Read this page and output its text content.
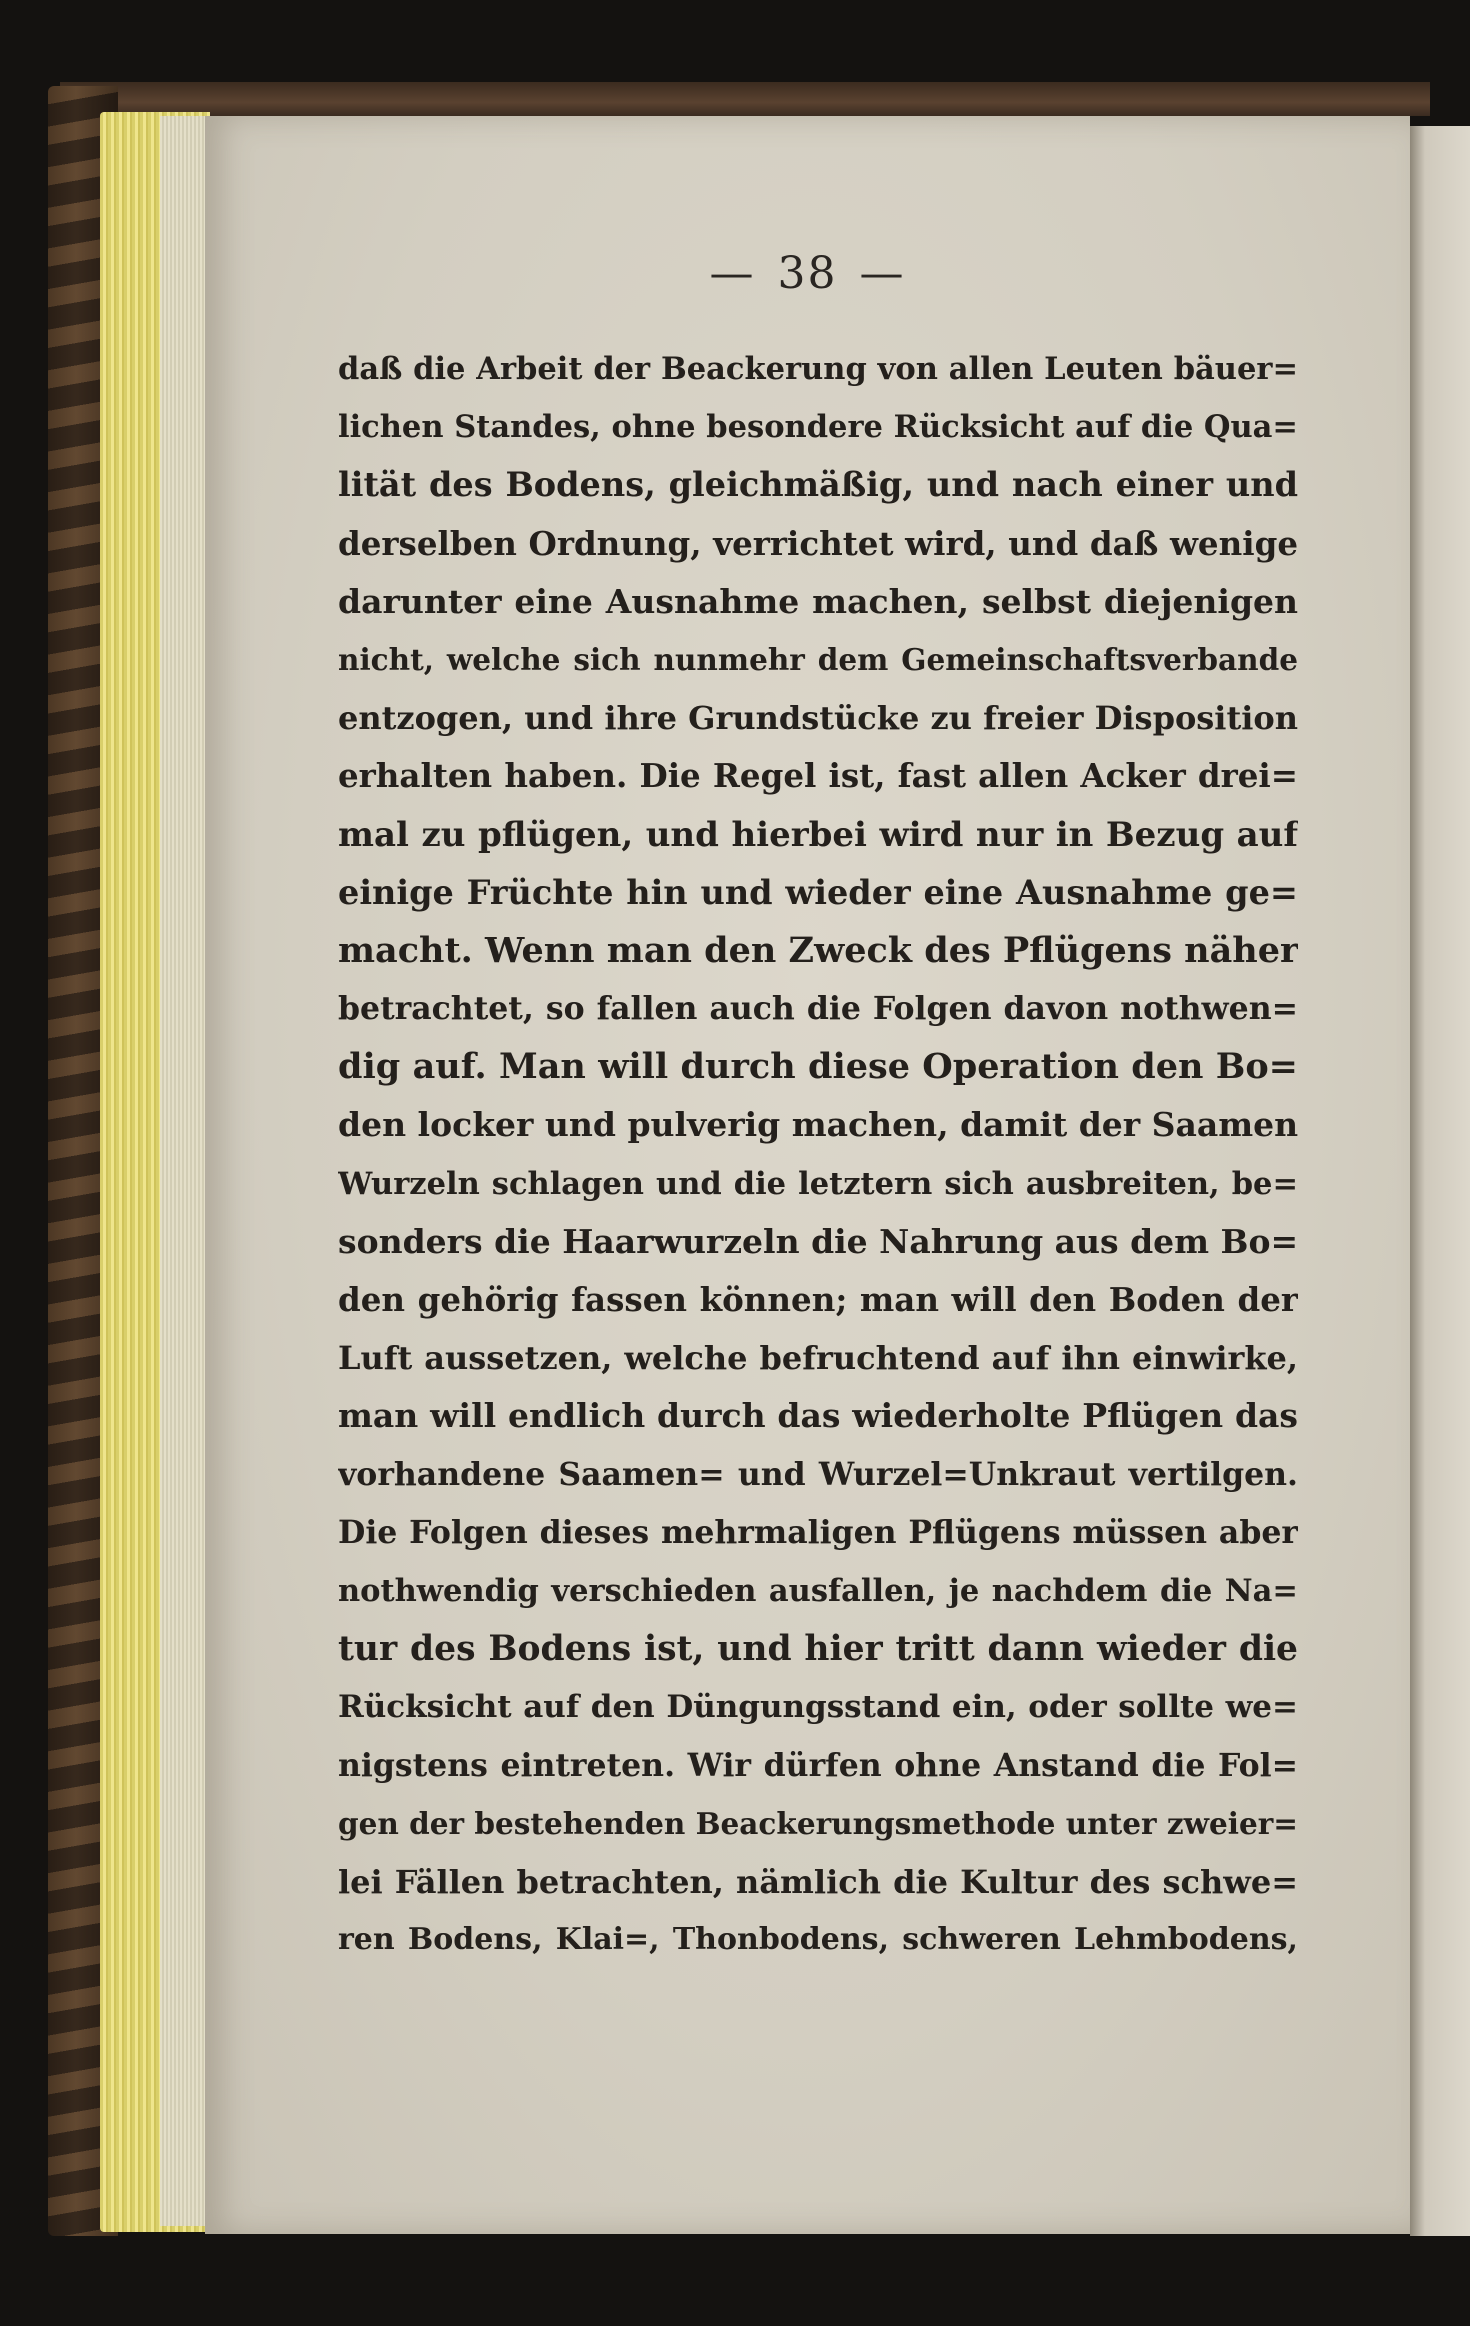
— 38 —
daß die Arbeit der Beackerung von allen Leuten bäuer=
lichen Standes, ohne besondere Rücksicht auf die Qua=
lität des Bodens, gleichmäßig, und nach einer und
derselben Ordnung, verrichtet wird, und daß wenige
darunter eine Ausnahme machen, selbst diejenigen
nicht, welche sich nunmehr dem Gemeinschaftsverbande
entzogen, und ihre Grundstücke zu freier Disposition
erhalten haben. Die Regel ist, fast allen Acker drei=
mal zu pflügen, und hierbei wird nur in Bezug auf
einige Früchte hin und wieder eine Ausnahme ge=
macht. Wenn man den Zweck des Pflügens näher
betrachtet, so fallen auch die Folgen davon nothwen=
dig auf. Man will durch diese Operation den Bo=
den locker und pulverig machen, damit der Saamen
Wurzeln schlagen und die letztern sich ausbreiten, be=
sonders die Haarwurzeln die Nahrung aus dem Bo=
den gehörig fassen können; man will den Boden der
Luft aussetzen, welche befruchtend auf ihn einwirke,
man will endlich durch das wiederholte Pflügen das
vorhandene Saamen= und Wurzel=Unkraut vertilgen.
Die Folgen dieses mehrmaligen Pflügens müssen aber
nothwendig verschieden ausfallen, je nachdem die Na=
tur des Bodens ist, und hier tritt dann wieder die
Rücksicht auf den Düngungsstand ein, oder sollte we=
nigstens eintreten. Wir dürfen ohne Anstand die Fol=
gen der bestehenden Beackerungsmethode unter zweier=
lei Fällen betrachten, nämlich die Kultur des schwe=
ren Bodens, Klai=, Thonbodens, schweren Lehmbodens,
